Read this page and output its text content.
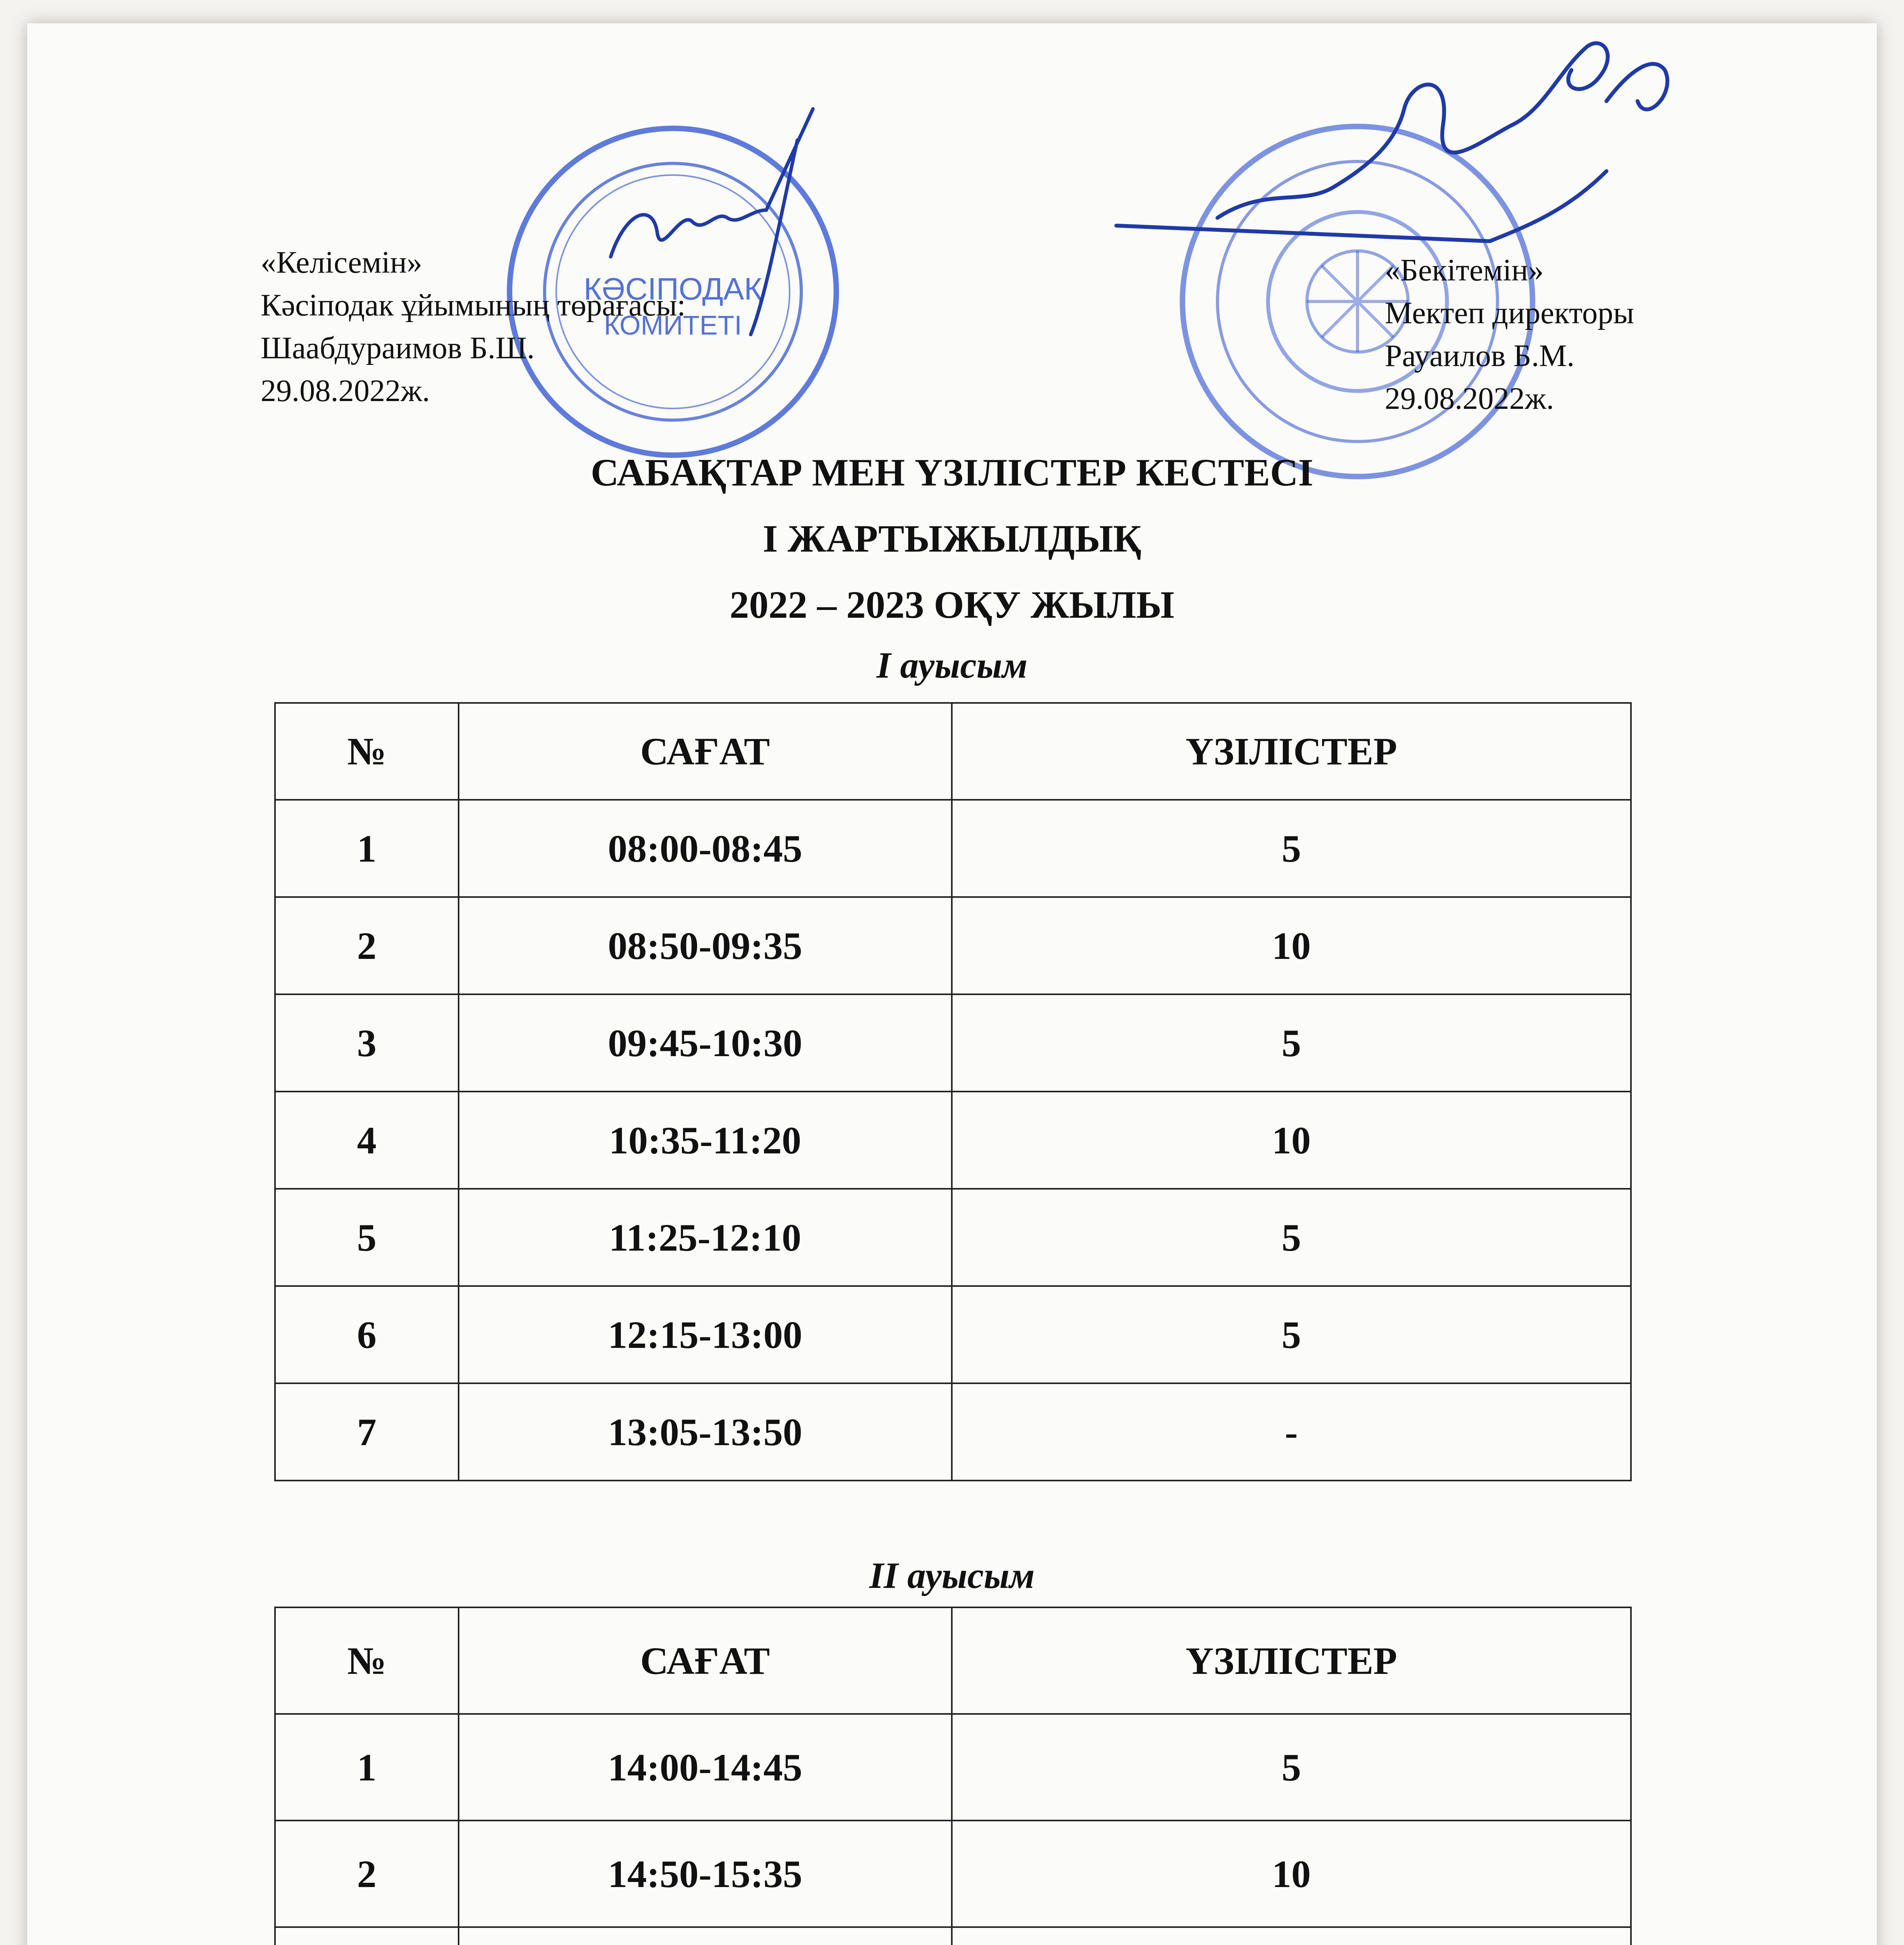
КӘСІПОДАҚ
КОМИТЕТІ
«Келісемін»
Кәсіподак ұйымының төрағасы:
Шаабдураимов Б.Ш.
29.08.2022ж.
«Бекітемін»
Мектеп директоры
Рауаилов Б.М.
29.08.2022ж.
САБАҚТАР МЕН ҮЗІЛІСТЕР КЕСТЕСІ
I ЖАРТЫЖЫЛДЫҚ
2022 – 2023 ОҚУ ЖЫЛЫ
I ауысым
№	САҒАТ	ҮЗІЛІСТЕР
1	08:00-08:45	5
2	08:50-09:35	10
3	09:45-10:30	5
4	10:35-11:20	10
5	11:25-12:10	5
6	12:15-13:00	5
7	13:05-13:50	-
II ауысым
№	САҒАТ	ҮЗІЛІСТЕР
1	14:00-14:45	5
2	14:50-15:35	10
